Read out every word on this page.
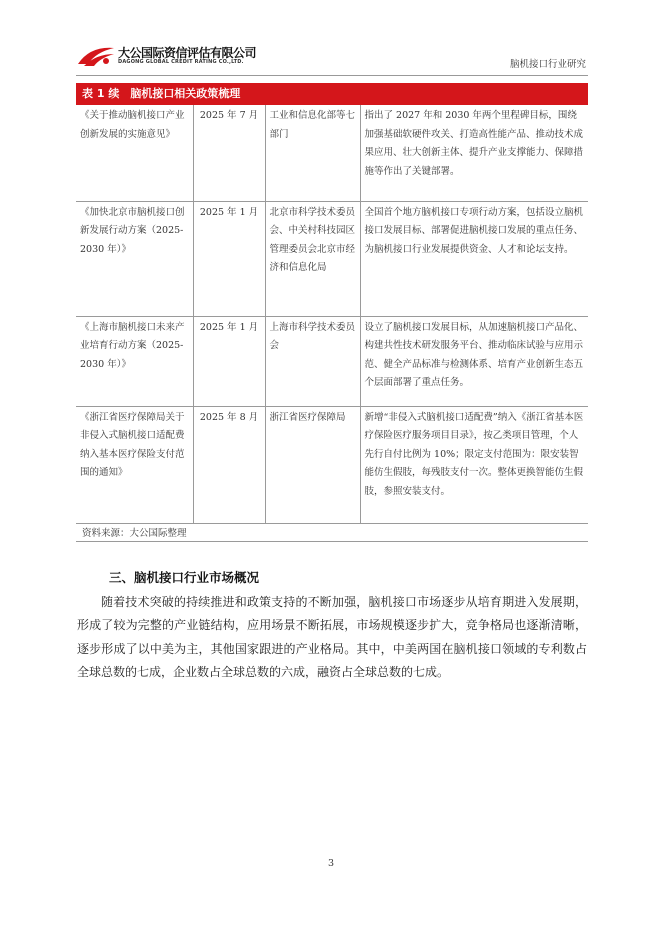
大公国际资信评估有限公司
DAGONG GLOBAL CREDIT RATING CO.,LTD.	脑机接口行业研究
表 1 续　脑机接口相关政策梳理
《关于推动脑机接口产业创新发展的实施意见》	2025 年 7 月	工业和信息化部等七部门	指出了 2027 年和 2030 年两个里程碑目标，围绕加强基础软硬件攻关、打造高性能产品、推动技术成果应用、壮大创新主体、提升产业支撑能力、保障措施等作出了关键部署。
《加快北京市脑机接口创新发展行动方案（2025-2030 年）》	2025 年 1 月	北京市科学技术委员会、中关村科技园区管理委员会北京市经济和信息化局	全国首个地方脑机接口专项行动方案，包括设立脑机接口发展目标、部署促进脑机接口发展的重点任务、为脑机接口行业发展提供资金、人才和论坛支持。
《上海市脑机接口未来产业培育行动方案（2025-2030 年）》	2025 年 1 月	上海市科学技术委员会	设立了脑机接口发展目标，从加速脑机接口产品化、构建共性技术研发服务平台、推动临床试验与应用示范、健全产品标准与检测体系、培育产业创新生态五个层面部署了重点任务。
《浙江省医疗保障局关于非侵入式脑机接口适配费纳入基本医疗保险支付范围的通知》	2025 年 8 月	浙江省医疗保障局	新增“非侵入式脑机接口适配费”纳入《浙江省基本医疗保险医疗服务项目目录》，按乙类项目管理，个人先行自付比例为 10%；限定支付范围为：限安装智能仿生假肢，每残肢支付一次。整体更换智能仿生假肢，参照安装支付。
资料来源：大公国际整理
三、脑机接口行业市场概况
随着技术突破的持续推进和政策支持的不断加强，脑机接口市场逐步从培育期进入发展期，形成了较为完整的产业链结构，应用场景不断拓展，市场规模逐步扩大，竞争格局也逐渐清晰，逐步形成了以中美为主，其他国家跟进的产业格局。其中，中美两国在脑机接口领域的专利数占全球总数的七成，企业数占全球总数的六成，融资占全球总数的七成。
3
